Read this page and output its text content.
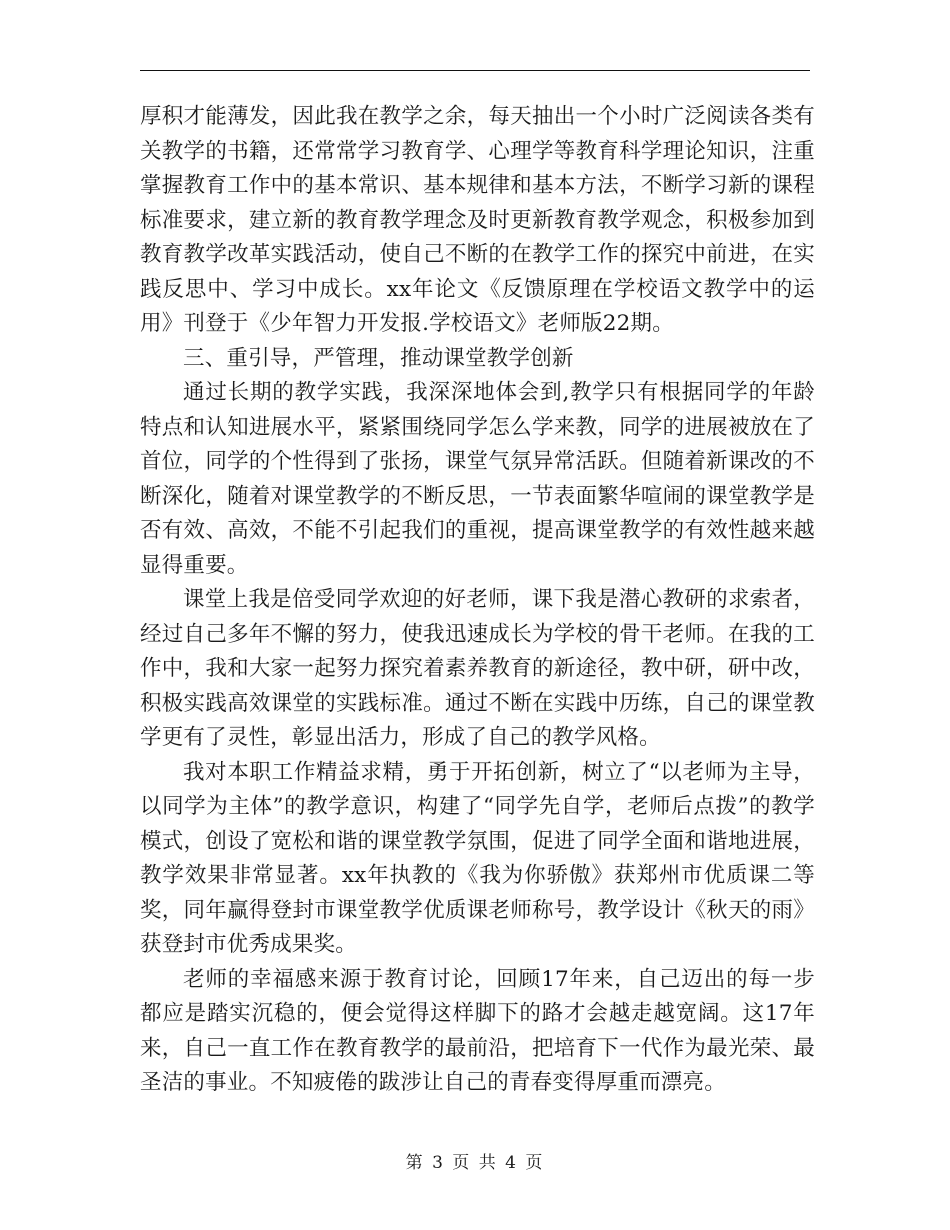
厚积才能薄发，因此我在教学之余，每天抽出一个小时广泛阅读各类有关教学的书籍，还常常学习教育学、心理学等教育科学理论知识，注重掌握教育工作中的基本常识、基本规律和基本方法，不断学习新的课程标准要求，建立新的教育教学理念及时更新教育教学观念，积极参加到教育教学改革实践活动，使自己不断的在教学工作的探究中前进，在实践反思中、学习中成长。xx年论文《反馈原理在学校语文教学中的运用》刊登于《少年智力开发报.学校语文》老师版22期。

三、重引导，严管理，推动课堂教学创新

通过长期的教学实践，我深深地体会到,教学只有根据同学的年龄特点和认知进展水平，紧紧围绕同学怎么学来教，同学的进展被放在了首位，同学的个性得到了张扬，课堂气氛异常活跃。但随着新课改的不断深化，随着对课堂教学的不断反思，一节表面繁华喧闹的课堂教学是否有效、高效，不能不引起我们的重视，提高课堂教学的有效性越来越显得重要。

课堂上我是倍受同学欢迎的好老师，课下我是潜心教研的求索者，经过自己多年不懈的努力，使我迅速成长为学校的骨干老师。在我的工作中，我和大家一起努力探究着素养教育的新途径，教中研，研中改，积极实践高效课堂的实践标准。通过不断在实践中历练，自己的课堂教学更有了灵性，彰显出活力，形成了自己的教学风格。

我对本职工作精益求精，勇于开拓创新，树立了“以老师为主导，以同学为主体”的教学意识，构建了“同学先自学，老师后点拨”的教学模式，创设了宽松和谐的课堂教学氛围，促进了同学全面和谐地进展，教学效果非常显著。xx年执教的《我为你骄傲》获郑州市优质课二等奖，同年赢得登封市课堂教学优质课老师称号，教学设计《秋天的雨》获登封市优秀成果奖。

老师的幸福感来源于教育讨论，回顾17年来，自己迈出的每一步都应是踏实沉稳的，便会觉得这样脚下的路才会越走越宽阔。这17年来，自己一直工作在教育教学的最前沿，把培育下一代作为最光荣、最圣洁的事业。不知疲倦的跋涉让自己的青春变得厚重而漂亮。

第 3 页 共 4 页
